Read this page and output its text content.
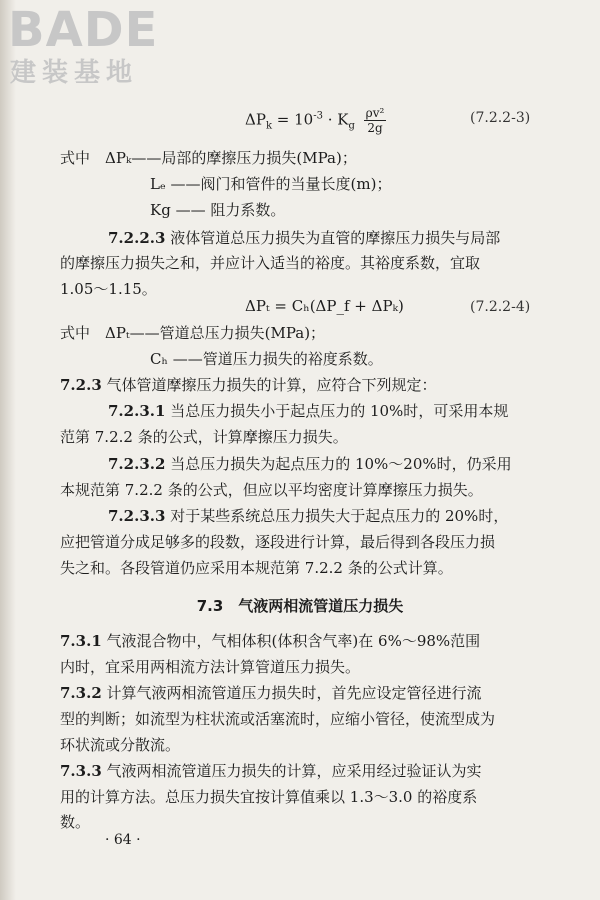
BADE
建装基地
$\Delta P_k = 10^{-3} \cdot K_g \frac{\text{ρv²}}{2g}$	(7.2.2-3)
式中　ΔPₖ——局部的摩擦压力损失(MPa)；
Lₑ ——阀门和管件的当量长度(m)；
Kg —— 阻力系数。
7.2.2.3 液体管道总压力损失为直管的摩擦压力损失与局部
的摩擦压力损失之和，并应计入适当的裕度。其裕度系数，宜取
1.05～1.15。
ΔPₜ = Cₕ(ΔP_f + ΔPₖ)	(7.2.2-4)
式中　ΔPₜ——管道总压力损失(MPa)；
Cₕ ——管道压力损失的裕度系数。
7.2.3 气体管道摩擦压力损失的计算，应符合下列规定：
7.2.3.1 当总压力损失小于起点压力的 10%时，可采用本规
范第 7.2.2 条的公式，计算摩擦压力损失。
7.2.3.2 当总压力损失为起点压力的 10%～20%时，仍采用
本规范第 7.2.2 条的公式，但应以平均密度计算摩擦压力损失。
7.2.3.3 对于某些系统总压力损失大于起点压力的 20%时，
应把管道分成足够多的段数，逐段进行计算，最后得到各段压力损
失之和。各段管道仍应采用本规范第 7.2.2 条的公式计算。
7.3　气液两相流管道压力损失
7.3.1 气液混合物中，气相体积(体积含气率)在 6%～98%范围
内时，宜采用两相流方法计算管道压力损失。
7.3.2 计算气液两相流管道压力损失时，首先应设定管径进行流
型的判断；如流型为柱状流或活塞流时，应缩小管径，使流型成为
环状流或分散流。
7.3.3 气液两相流管道压力损失的计算，应采用经过验证认为实
用的计算方法。总压力损失宜按计算值乘以 1.3～3.0 的裕度系
数。
· 64 ·
